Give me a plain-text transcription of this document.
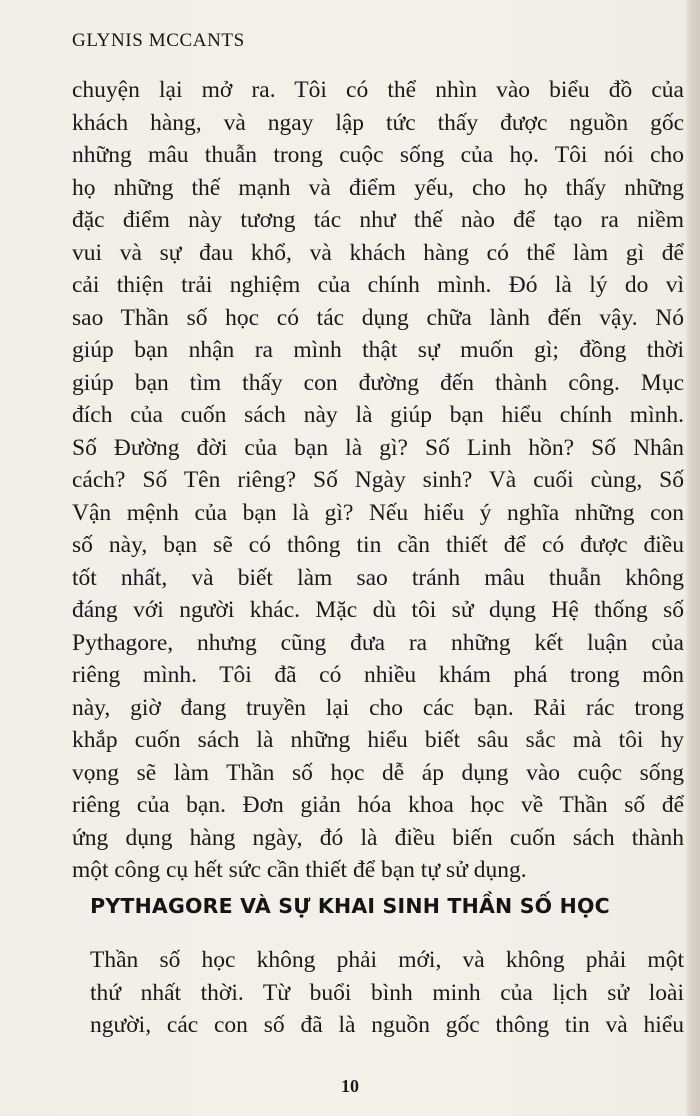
GLYNIS MCCANTS
chuyện lại mở ra. Tôi có thể nhìn vào biểu đồ của
khách hàng, và ngay lập tức thấy được nguồn gốc
những mâu thuẫn trong cuộc sống của họ. Tôi nói cho
họ những thế mạnh và điểm yếu, cho họ thấy những
đặc điểm này tương tác như thế nào để tạo ra niềm
vui và sự đau khổ, và khách hàng có thể làm gì để
cải thiện trải nghiệm của chính mình. Đó là lý do vì
sao Thần số học có tác dụng chữa lành đến vậy. Nó
giúp bạn nhận ra mình thật sự muốn gì; đồng thời
giúp bạn tìm thấy con đường đến thành công. Mục
đích của cuốn sách này là giúp bạn hiểu chính mình.
Số Đường đời của bạn là gì? Số Linh hồn? Số Nhân
cách? Số Tên riêng? Số Ngày sinh? Và cuối cùng, Số
Vận mệnh của bạn là gì? Nếu hiểu ý nghĩa những con
số này, bạn sẽ có thông tin cần thiết để có được điều
tốt nhất, và biết làm sao tránh mâu thuẫn không
đáng với người khác. Mặc dù tôi sử dụng Hệ thống số
Pythagore, nhưng cũng đưa ra những kết luận của
riêng mình. Tôi đã có nhiều khám phá trong môn
này, giờ đang truyền lại cho các bạn. Rải rác trong
khắp cuốn sách là những hiểu biết sâu sắc mà tôi hy
vọng sẽ làm Thần số học dễ áp dụng vào cuộc sống
riêng của bạn. Đơn giản hóa khoa học về Thần số để
ứng dụng hàng ngày, đó là điều biến cuốn sách thành
một công cụ hết sức cần thiết để bạn tự sử dụng.
PYTHAGORE VÀ SỰ KHAI SINH THẦN SỐ HỌC
Thần số học không phải mới, và không phải một
thứ nhất thời. Từ buổi bình minh của lịch sử loài
người, các con số đã là nguồn gốc thông tin và hiểu
10
